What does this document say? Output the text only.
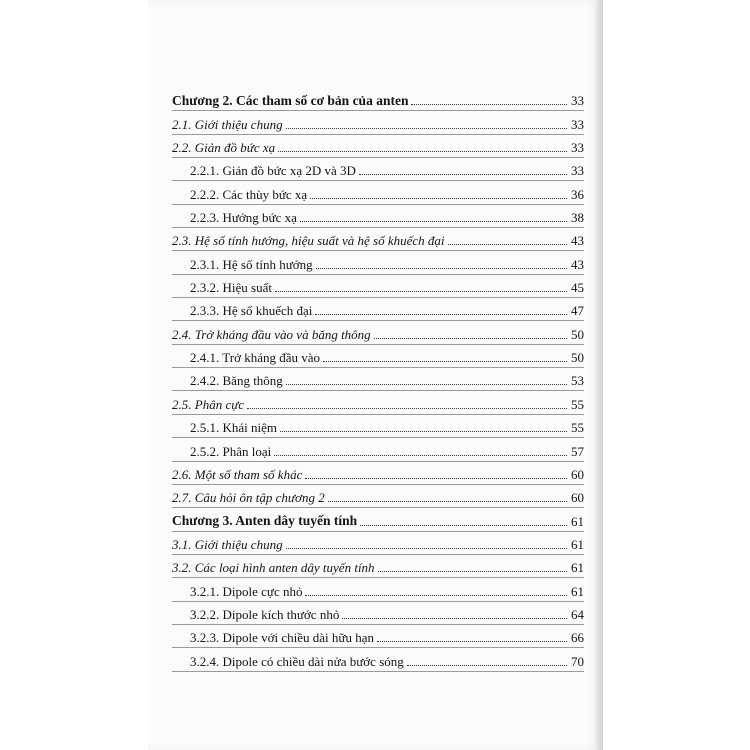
Chương 2. Các tham số cơ bản của anten	33
2.1. Giới thiệu chung	33
2.2. Giản đồ bức xạ	33
2.2.1. Giản đồ bức xạ 2D và 3D	33
2.2.2. Các thùy bức xạ	36
2.2.3. Hướng bức xạ	38
2.3. Hệ số tính hướng, hiệu suất và hệ số khuếch đại	43
2.3.1. Hệ số tính hướng	43
2.3.2. Hiệu suất	45
2.3.3. Hệ số khuếch đại	47
2.4. Trở kháng đầu vào và băng thông	50
2.4.1. Trở kháng đầu vào	50
2.4.2. Băng thông	53
2.5. Phân cực	55
2.5.1. Khái niệm	55
2.5.2. Phân loại	57
2.6. Một số tham số khác	60
2.7. Câu hỏi ôn tập chương 2	60
Chương 3. Anten dây tuyến tính	61
3.1. Giới thiệu chung	61
3.2. Các loại hình anten dây tuyến tính	61
3.2.1. Dipole cực nhỏ	61
3.2.2. Dipole kích thước nhỏ	64
3.2.3. Dipole với chiều dài hữu hạn	66
3.2.4. Dipole có chiều dài nửa bước sóng	70
